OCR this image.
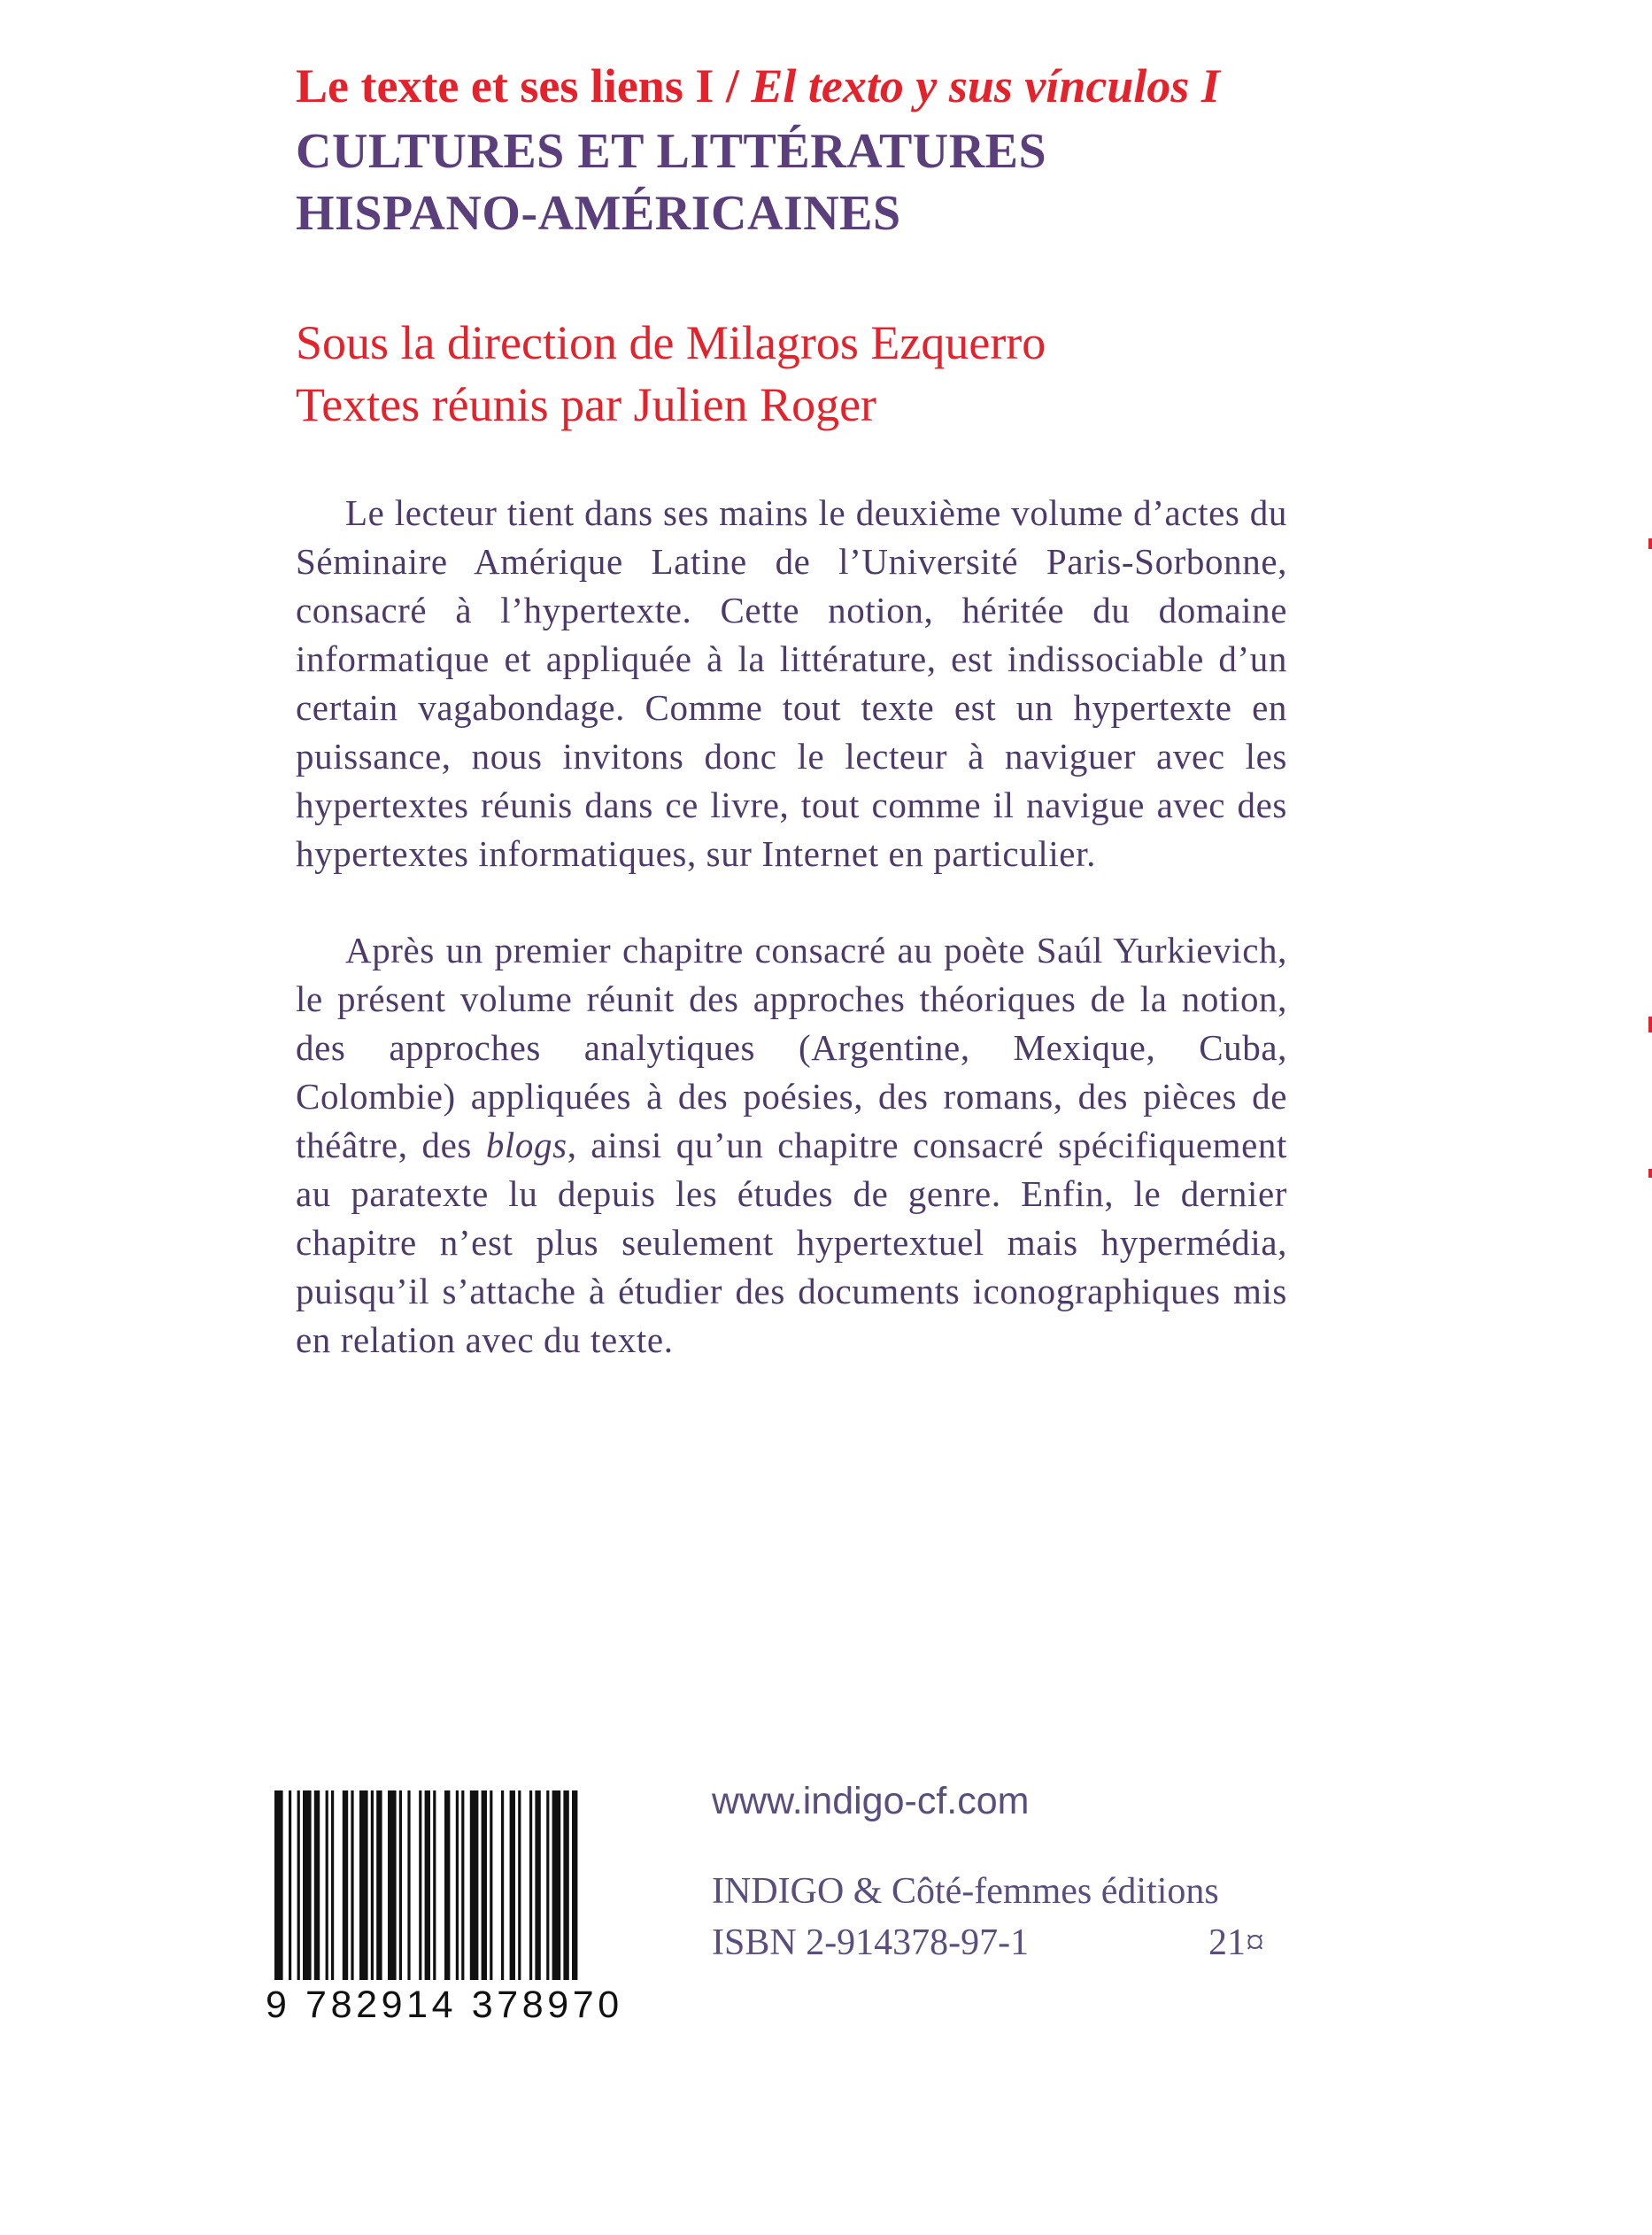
Le texte et ses liens I / El texto y sus vínculos I
CULTURES ET LITTÉRATURES
HISPANO-AMÉRICAINES
Sous la direction de Milagros Ezquerro
Textes réunis par Julien Roger
Le lecteur tient dans ses mains le deuxième volume d’actes du Séminaire Amérique Latine de l’Université Paris-Sorbonne, consacré à l’hypertexte. Cette notion, héritée du domaine informatique et appliquée à la littérature, est indissociable d’un certain vagabondage. Comme tout texte est un hypertexte en puissance, nous invitons donc le lecteur à naviguer avec les hypertextes réunis dans ce livre, tout comme il navigue avec des hypertextes informatiques, sur Internet en particulier.
Après un premier chapitre consacré au poète Saúl Yurkievich, le présent volume réunit des approches théoriques de la notion, des approches analytiques (Argentine, Mexique, Cuba, Colombie) appliquées à des poésies, des romans, des pièces de théâtre, des blogs, ainsi qu’un chapitre consacré spécifiquement au paratexte lu depuis les études de genre. Enfin, le dernier chapitre n’est plus seulement hypertextuel mais hypermédia, puisqu’il s’attache à étudier des documents iconographiques mis en relation avec du texte.
9 782914 378970
www.indigo-cf.com
INDIGO & Côté-femmes éditions
ISBN 2-914378-97-1	21¤
